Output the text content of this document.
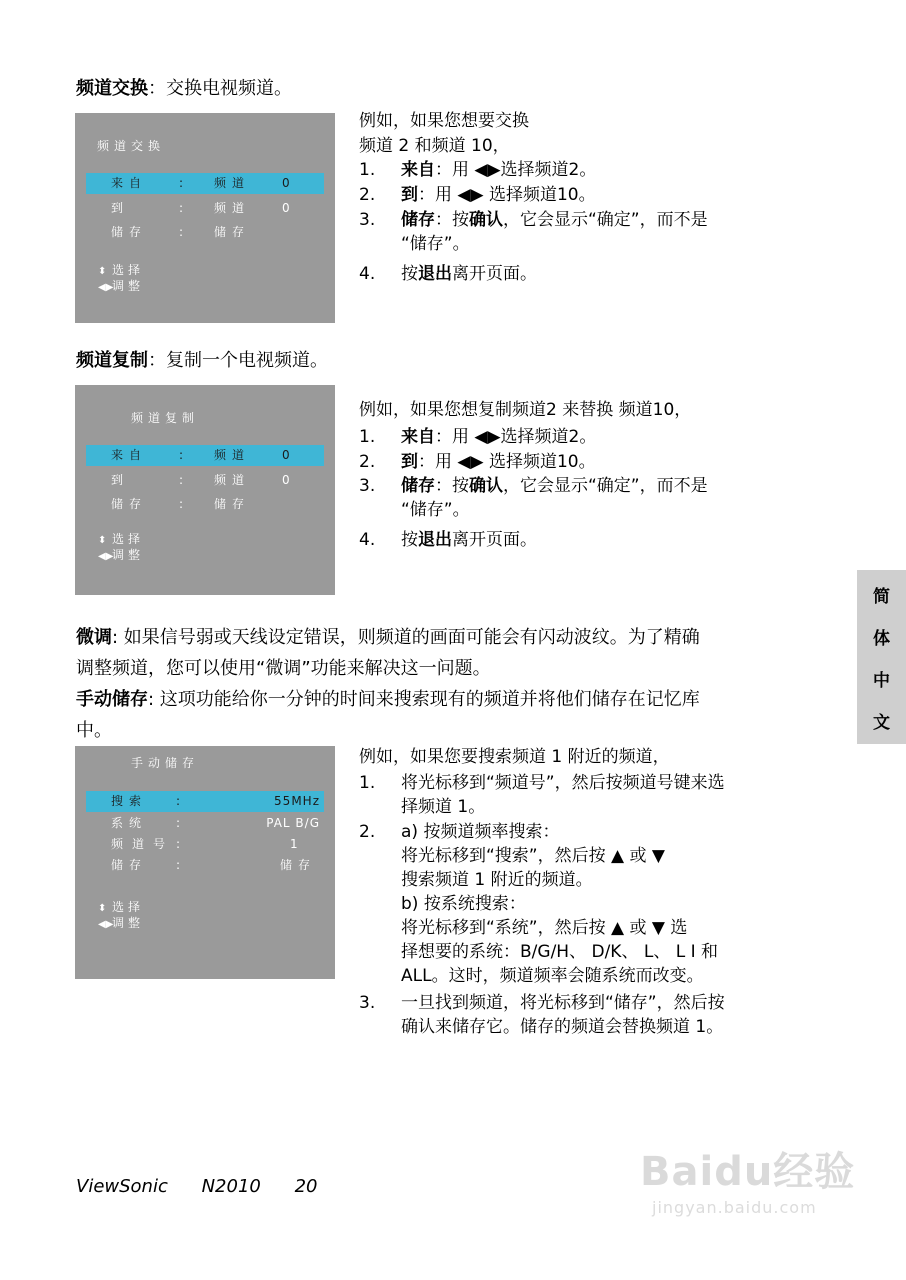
频道交换：交换电视频道。
频道交换
来自	: 频道	0
到	: 频道	0
储存	: 储存
⬍ 选择
◀▶调整
例如，如果您想要交换
频道 2 和频道 10，
1. 来自：用 ◀▶选择频道2。
2. 到：用 ◀▶ 选择频道10。
3. 储存：按确认，它会显示“确定”，而不是
“储存”。
4. 按退出离开页面。
频道复制：复制一个电视频道。
频道复制
来自	: 频道	0
到	: 频道	0
储存	: 储存
⬍ 选择
◀▶调整
例如，如果您想复制频道2 来替换 频道10，
1. 来自：用 ◀▶选择频道2。
2. 到：用 ◀▶ 选择频道10。
3. 储存：按确认，它会显示“确定”，而不是
“储存”。
4. 按退出离开页面。
微调: 如果信号弱或天线设定错误，则频道的画面可能会有闪动波纹。为了精确
调整频道，您可以使用“微调”功能来解决这一问题。
手动储存: 这项功能给你一分钟的时间来搜索现有的频道并将他们储存在记忆库
中。
手动储存
搜索 :	55MHz
系统 :	PAL B/G
频道号 :	1
储存 :	储存
⬍ 选择
◀▶调整
例如，如果您要搜索频道 1 附近的频道，
1. 将光标移到“频道号”，然后按频道号键来选
择频道 1。
2. a) 按频道频率搜索：
将光标移到“搜索”，然后按 ▲ 或 ▼
搜索频道 1 附近的频道。
b) 按系统搜索：
将光标移到“系统”，然后按 ▲ 或 ▼ 选
择想要的系统：B/G/H、 D/K、 L、 L I 和
ALL。这时，频道频率会随系统而改变。
3. 一旦找到频道，将光标移到“储存”，然后按
确认来储存它。储存的频道会替换频道 1。
简
体
中
文
ViewSonic N2010 20	Baidu经验
jingyan.baidu.com
